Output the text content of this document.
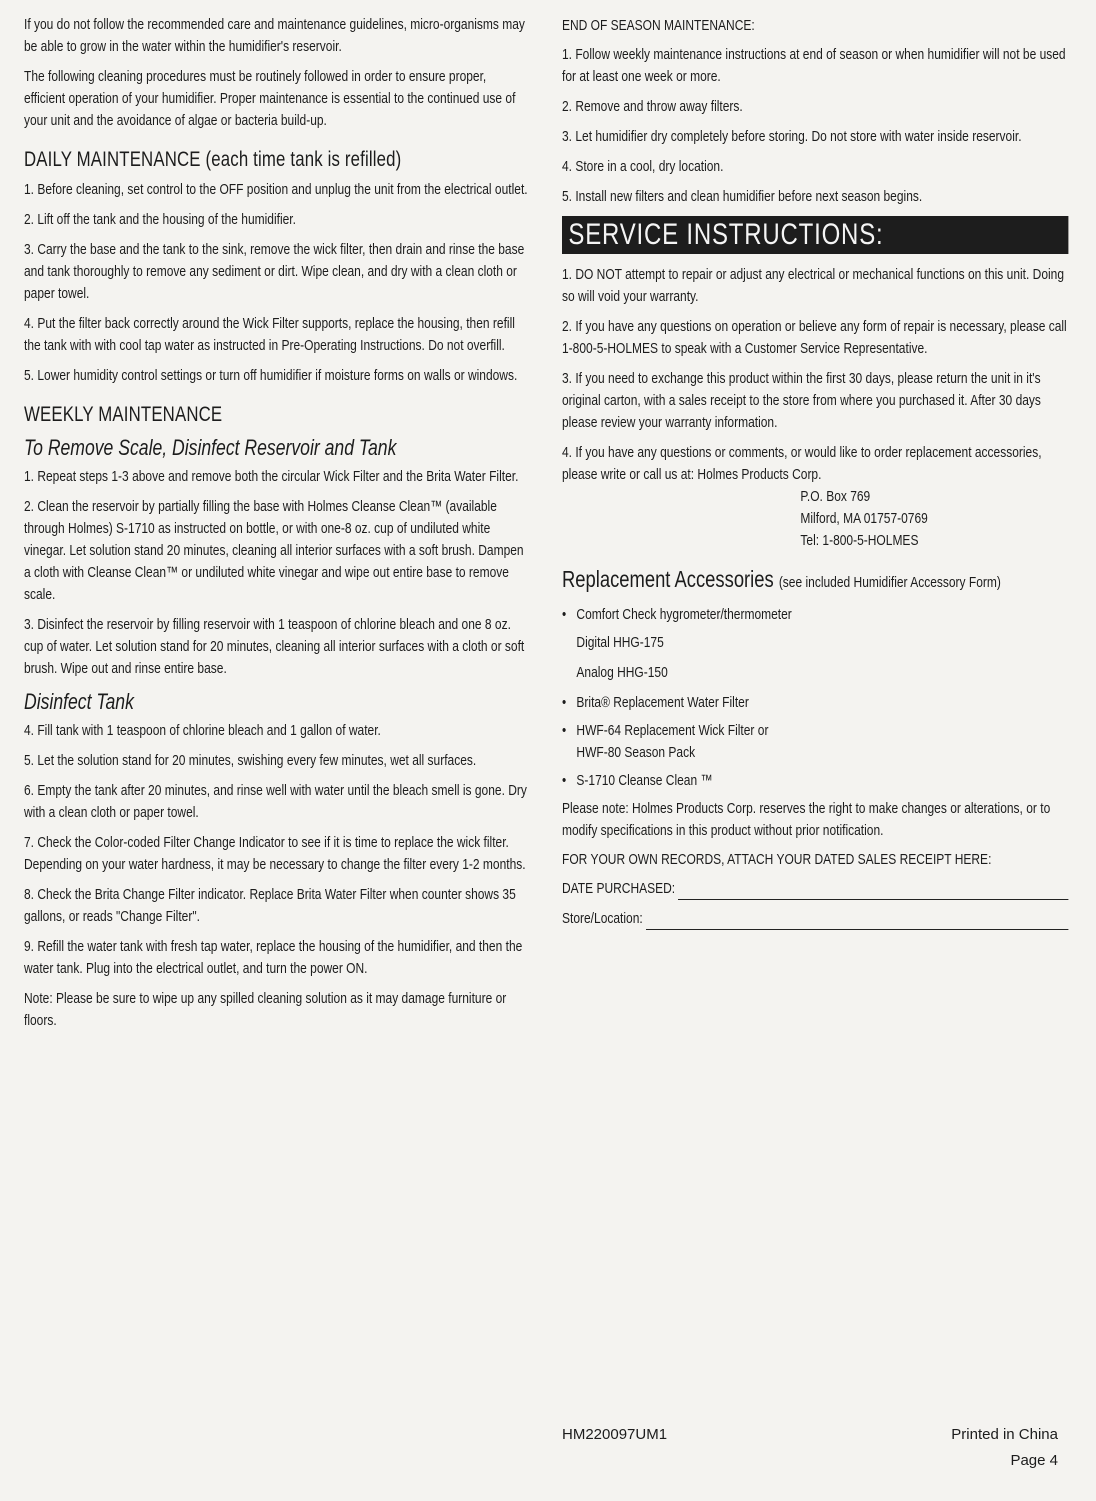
If you do not follow the recommended care and maintenance guidelines, micro-organisms may be able to grow in the water within the humidifier's reservoir.

The following cleaning procedures must be routinely followed in order to ensure proper, efficient operation of your humidifier. Proper maintenance is essential to the continued use of your unit and the avoidance of algae or bacteria build-up.

DAILY MAINTENANCE (each time tank is refilled)

1. Before cleaning, set control to the OFF position and unplug the unit from the electrical outlet.

2. Lift off the tank and the housing of the humidifier.

3. Carry the base and the tank to the sink, remove the wick filter, then drain and rinse the base and tank thoroughly to remove any sediment or dirt. Wipe clean, and dry with a clean cloth or paper towel.

4. Put the filter back correctly around the Wick Filter supports, replace the housing, then refill the tank with with cool tap water as instructed in Pre-Operating Instructions. Do not overfill.

5. Lower humidity control settings or turn off humidifier if moisture forms on walls or windows.

WEEKLY MAINTENANCE
To Remove Scale, Disinfect Reservoir and Tank

1. Repeat steps 1-3 above and remove both the circular Wick Filter and the Brita Water Filter.

2. Clean the reservoir by partially filling the base with Holmes Cleanse Clean™ (available through Holmes) S-1710 as instructed on bottle, or with one-8 oz. cup of undiluted white vinegar. Let solution stand 20 minutes, cleaning all interior surfaces with a soft brush. Dampen a cloth with Cleanse Clean™ or undiluted white vinegar and wipe out entire base to remove scale.

3. Disinfect the reservoir by filling reservoir with 1 teaspoon of chlorine bleach and one 8 oz. cup of water. Let solution stand for 20 minutes, cleaning all interior surfaces with a cloth or soft brush. Wipe out and rinse entire base.

Disinfect Tank

4. Fill tank with 1 teaspoon of chlorine bleach and 1 gallon of water.

5. Let the solution stand for 20 minutes, swishing every few minutes, wet all surfaces.

6. Empty the tank after 20 minutes, and rinse well with water until the bleach smell is gone. Dry with a clean cloth or paper towel.

7. Check the Color-coded Filter Change Indicator to see if it is time to replace the wick filter. Depending on your water hardness, it may be necessary to change the filter every 1-2 months.

8. Check the Brita Change Filter indicator. Replace Brita Water Filter when counter shows 35 gallons, or reads "Change Filter".

9. Refill the water tank with fresh tap water, replace the housing of the humidifier, and then the water tank. Plug into the electrical outlet, and turn the power ON.

Note: Please be sure to wipe up any spilled cleaning solution as it may damage furniture or floors.

END OF SEASON MAINTENANCE:

1. Follow weekly maintenance instructions at end of season or when humidifier will not be used for at least one week or more.

2. Remove and throw away filters.

3. Let humidifier dry completely before storing. Do not store with water inside reservoir.

4. Store in a cool, dry location.

5. Install new filters and clean humidifier before next season begins.

SERVICE INSTRUCTIONS:

1. DO NOT attempt to repair or adjust any electrical or mechanical functions on this unit. Doing so will void your warranty.

2. If you have any questions on operation or believe any form of repair is necessary, please call 1-800-5-HOLMES to speak with a Customer Service Representative.

3. If you need to exchange this product within the first 30 days, please return the unit in it's original carton, with a sales receipt to the store from where you purchased it. After 30 days please review your warranty information.

4. If you have any questions or comments, or would like to order replacement accessories, please write or call us at: Holmes Products Corp.
P.O. Box 769
Milford, MA 01757-0769
Tel: 1-800-5-HOLMES
Replacement Accessories (see included Humidifier Accessory Form)
• Comfort Check hygrometer/thermometer
Digital HHG-175
Analog HHG-150
• Brita® Replacement Water Filter
• HWF-64 Replacement Wick Filter or
HWF-80 Season Pack
• S-1710 Cleanse Clean ™

Please note: Holmes Products Corp. reserves the right to make changes or alterations, or to modify specifications in this product without prior notification.

FOR YOUR OWN RECORDS, ATTACH YOUR DATED SALES RECEIPT HERE:
DATE PURCHASED:
Store/Location:
HM220097UM1	Printed in China
Page 4
